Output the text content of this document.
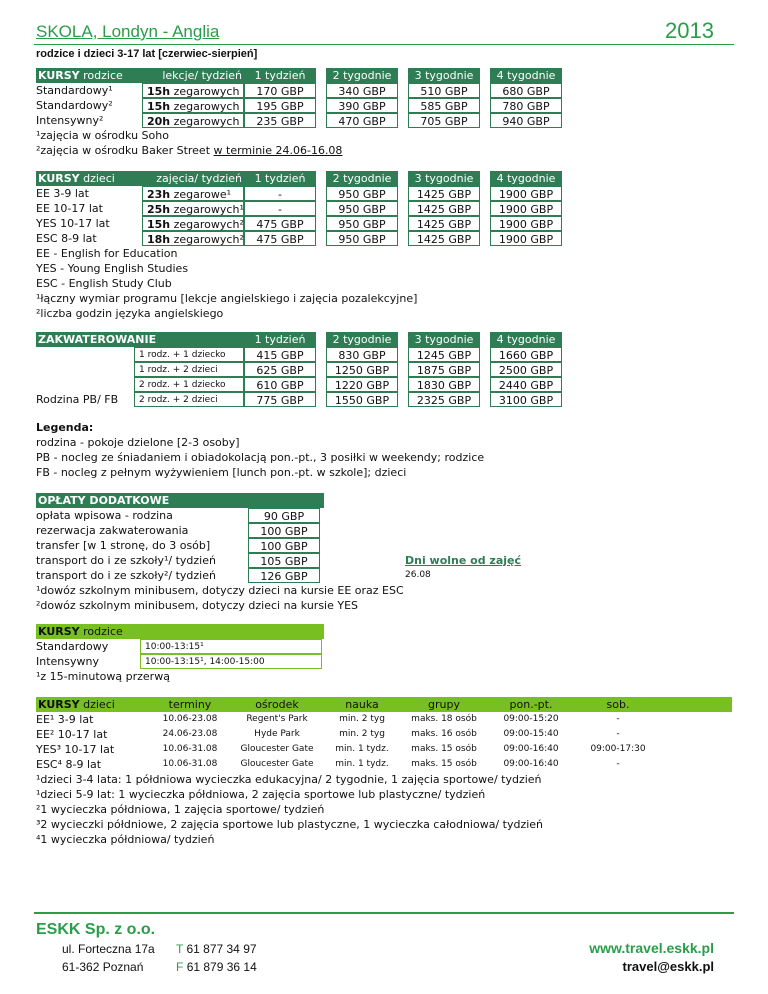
SKOLA, Londyn - Anglia	2013
rodzice i dzieci 3-17 lat [czerwiec-sierpień]
KURSY rodzice	lekcje/ tydzień	1 tydzień	2 tygodnie	3 tygodnie	4 tygodnie
Standardowy¹	15h zegarowych	170 GBP	340 GBP	510 GBP	680 GBP
Standardowy²	15h zegarowych	195 GBP	390 GBP	585 GBP	780 GBP
Intensywny²	20h zegarowych	235 GBP	470 GBP	705 GBP	940 GBP
¹zajęcia w ośrodku Soho
²zajęcia w ośrodku Baker Street w terminie 24.06-16.08
KURSY dzieci	zajęcia/ tydzień	1 tydzień	2 tygodnie	3 tygodnie	4 tygodnie
EE 3-9 lat	23h zegarowe¹	-	950 GBP	1425 GBP	1900 GBP
EE 10-17 lat	25h zegarowych¹	-	950 GBP	1425 GBP	1900 GBP
YES 10-17 lat	15h zegarowych²	475 GBP	950 GBP	1425 GBP	1900 GBP
ESC 8-9 lat	18h zegarowych²	475 GBP	950 GBP	1425 GBP	1900 GBP
EE - English for Education
YES - Young English Studies
ESC - English Study Club
¹łączny wymiar programu [lekcje angielskiego i zajęcia pozalekcyjne]
²liczba godzin języka angielskiego
ZAKWATEROWANIE	1 tydzień	2 tygodnie	3 tygodnie	4 tygodnie
Rodzina PB/ FB
1 rodz. + 1 dziecko	415 GBP	830 GBP	1245 GBP	1660 GBP
1 rodz. + 2 dzieci	625 GBP	1250 GBP	1875 GBP	2500 GBP
2 rodz. + 1 dziecko	610 GBP	1220 GBP	1830 GBP	2440 GBP
2 rodz. + 2 dzieci	775 GBP	1550 GBP	2325 GBP	3100 GBP
Legenda:
rodzina - pokoje dzielone [2-3 osoby]
PB - nocleg ze śniadaniem i obiadokolacją pon.-pt., 3 posiłki w weekendy; rodzice
FB - nocleg z pełnym wyżywieniem [lunch pon.-pt. w szkole]; dzieci
OPŁATY DODATKOWE
opłata wpisowa - rodzina	90 GBP
rezerwacja zakwaterowania	100 GBP
transfer [w 1 stronę, do 3 osób]	100 GBP
transport do i ze szkoły¹/ tydzień	105 GBP
transport do i ze szkoły²/ tydzień	126 GBP
¹dowóz szkolnym minibusem, dotyczy dzieci na kursie EE oraz ESC
²dowóz szkolnym minibusem, dotyczy dzieci na kursie YES
Dni wolne od zajęć
26.08
KURSY rodzice
Standardowy	10:00-13:15¹
Intensywny	10:00-13:15¹, 14:00-15:00
¹z 15-minutową przerwą
KURSY dzieci	terminy	ośrodek	nauka	grupy	pon.-pt.	sob.
EE¹ 3-9 lat	10.06-23.08	Regent's Park	min. 2 tyg	maks. 18 osób	09:00-15:20	-
EE² 10-17 lat	24.06-23.08	Hyde Park	min. 2 tyg	maks. 16 osób	09:00-15:40	-
YES³ 10-17 lat	10.06-31.08	Gloucester Gate	min. 1 tydz.	maks. 15 osób	09:00-16:40	09:00-17:30
ESC⁴ 8-9 lat	10.06-31.08	Gloucester Gate	min. 1 tydz.	maks. 15 osób	09:00-16:40	-
¹dzieci 3-4 lata: 1 półdniowa wycieczka edukacyjna/ 2 tygodnie, 1 zajęcia sportowe/ tydzień
¹dzieci 5-9 lat: 1 wycieczka półdniowa, 2 zajęcia sportowe lub plastyczne/ tydzień
²1 wycieczka półdniowa, 1 zajęcia sportowe/ tydzień
³2 wycieczki półdniowe, 2 zajęcia sportowe lub plastyczne, 1 wycieczka całodniowa/ tydzień
⁴1 wycieczka półdniowa/ tydzień
ESKK Sp. z o.o.
ul. Forteczna 17a
61-362 Poznań
T 61 877 34 97
F 61 879 36 14
www.travel.eskk.pl
travel@eskk.pl
